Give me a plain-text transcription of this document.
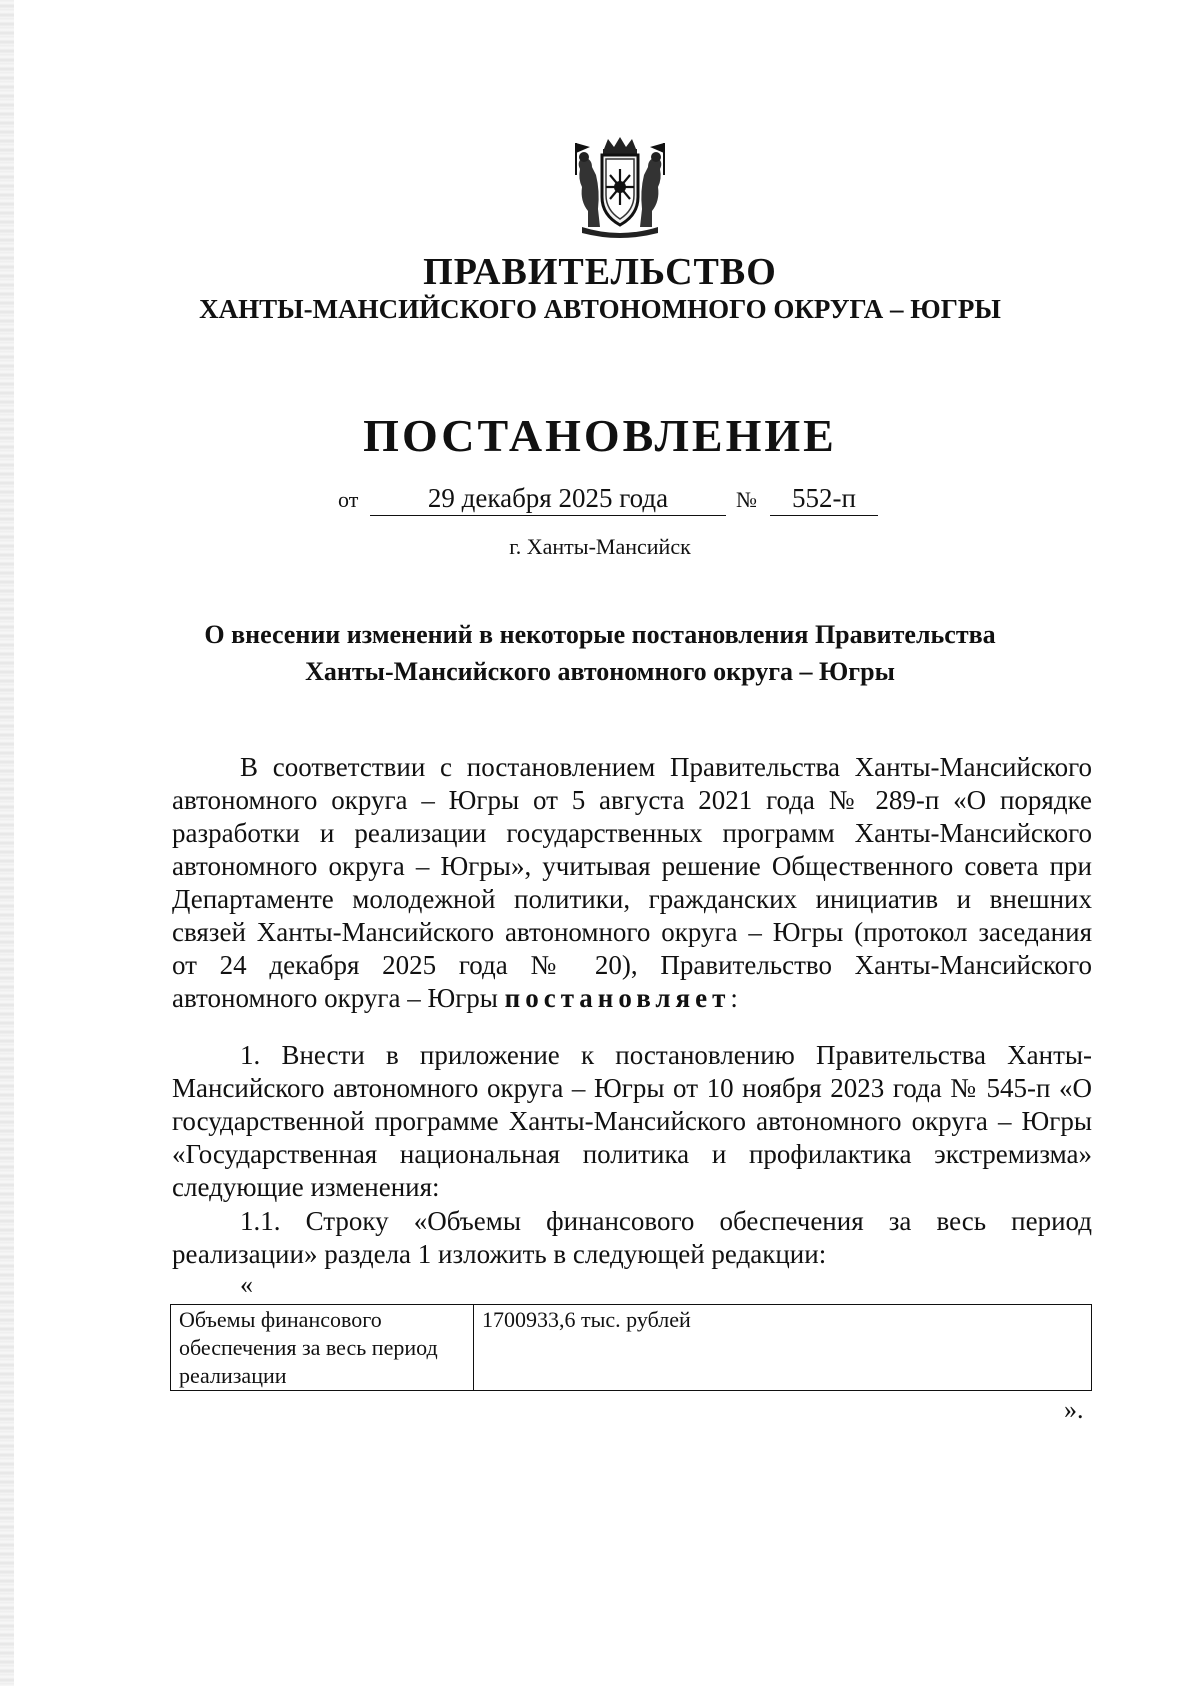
ПРАВИТЕЛЬСТВО
ХАНТЫ-МАНСИЙСКОГО АВТОНОМНОГО ОКРУГА – ЮГРЫ
ПОСТАНОВЛЕНИЕ
от	29 декабря 2025 года	№	552-п
г. Ханты-Мансийск
О внесении изменений в некоторые постановления Правительства
Ханты-Мансийского автономного округа – Югры

В соответствии с постановлением Правительства Ханты-Мансийского автономного округа – Югры от 5 августа 2021 года № 289-п «О порядке разработки и реализации государственных программ Ханты-Мансийского автономного округа – Югры», учитывая решение Общественного совета при Департаменте молодежной политики, гражданских инициатив и внешних связей Ханты-Мансийского автономного округа – Югры (протокол заседания от 24 декабря 2025 года № 20), Правительство Ханты-Мансийского автономного округа – Югры постановляет:

1. Внести в приложение к постановлению Правительства Ханты-Мансийского автономного округа – Югры от 10 ноября 2023 года № 545-п «О государственной программе Ханты-Мансийского автономного округа – Югры «Государственная национальная политика и профилактика экстремизма» следующие изменения:

1.1. Строку «Объемы финансового обеспечения за весь период реализации» раздела 1 изложить в следующей редакции:

«
Объемы финансового обеспечения за весь период реализации	1700933,6 тыс. рублей
».
